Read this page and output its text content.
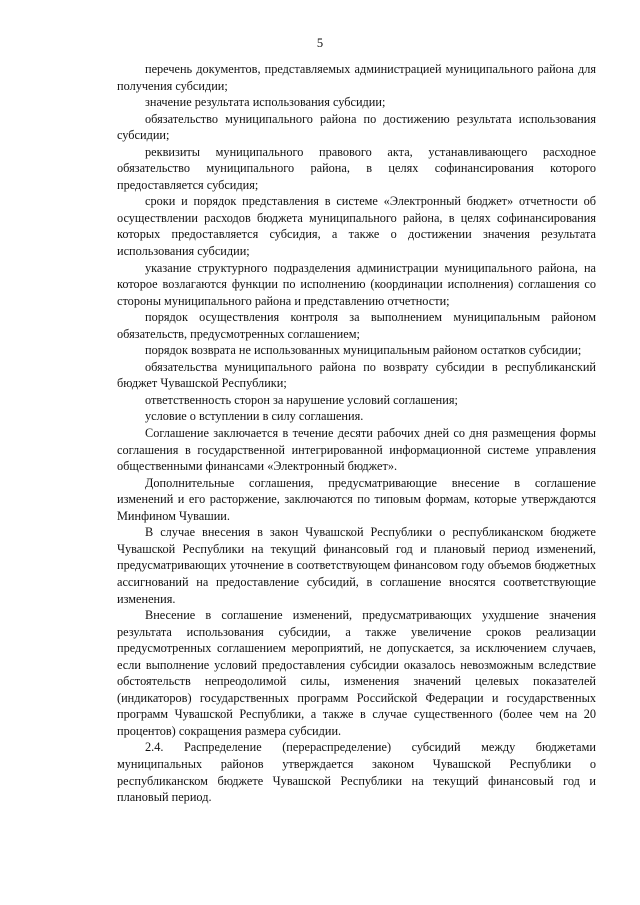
5

перечень документов, представляемых администрацией муниципального района для получения субсидии;

значение результата использования субсидии;

обязательство муниципального района по достижению результата использования субсидии;

реквизиты муниципального правового акта, устанавливающего расходное обязательство муниципального района, в целях софинансирования которого предоставляется субсидия;

сроки и порядок представления в системе «Электронный бюджет» отчетности об осуществлении расходов бюджета муниципального района, в целях софинансирования которых предоставляется субсидия, а также о достижении значения результата использования субсидии;

указание структурного подразделения администрации муниципального района, на которое возлагаются функции по исполнению (координации исполнения) соглашения со стороны муниципального района и представлению отчетности;

порядок осуществления контроля за выполнением муниципальным районом обязательств, предусмотренных соглашением;

порядок возврата не использованных муниципальным районом остатков субсидии;

обязательства муниципального района по возврату субсидии в республиканский бюджет Чувашской Республики;

ответственность сторон за нарушение условий соглашения;

условие о вступлении в силу соглашения.

Соглашение заключается в течение десяти рабочих дней со дня размещения формы соглашения в государственной интегрированной информационной системе управления общественными финансами «Электронный бюджет».

Дополнительные соглашения, предусматривающие внесение в соглашение изменений и его расторжение, заключаются по типовым формам, которые утверждаются Минфином Чувашии.

В случае внесения в закон Чувашской Республики о республиканском бюджете Чувашской Республики на текущий финансовый год и плановый период изменений, предусматривающих уточнение в соответствующем финансовом году объемов бюджетных ассигнований на предоставление субсидий, в соглашение вносятся соответствующие изменения.

Внесение в соглашение изменений, предусматривающих ухудшение значения результата использования субсидии, а также увеличение сроков реализации предусмотренных соглашением мероприятий, не допускается, за исключением случаев, если выполнение условий предоставления субсидии оказалось невозможным вследствие обстоятельств непреодолимой силы, изменения значений целевых показателей (индикаторов) государственных программ Российской Федерации и государственных программ Чувашской Республики, а также в случае существенного (более чем на 20 процентов) сокращения размера субсидии.

2.4. Распределение (перераспределение) субсидий между бюджетами муниципальных районов утверждается законом Чувашской Республики о республиканском бюджете Чувашской Республики на текущий финансовый год и плановый период.
